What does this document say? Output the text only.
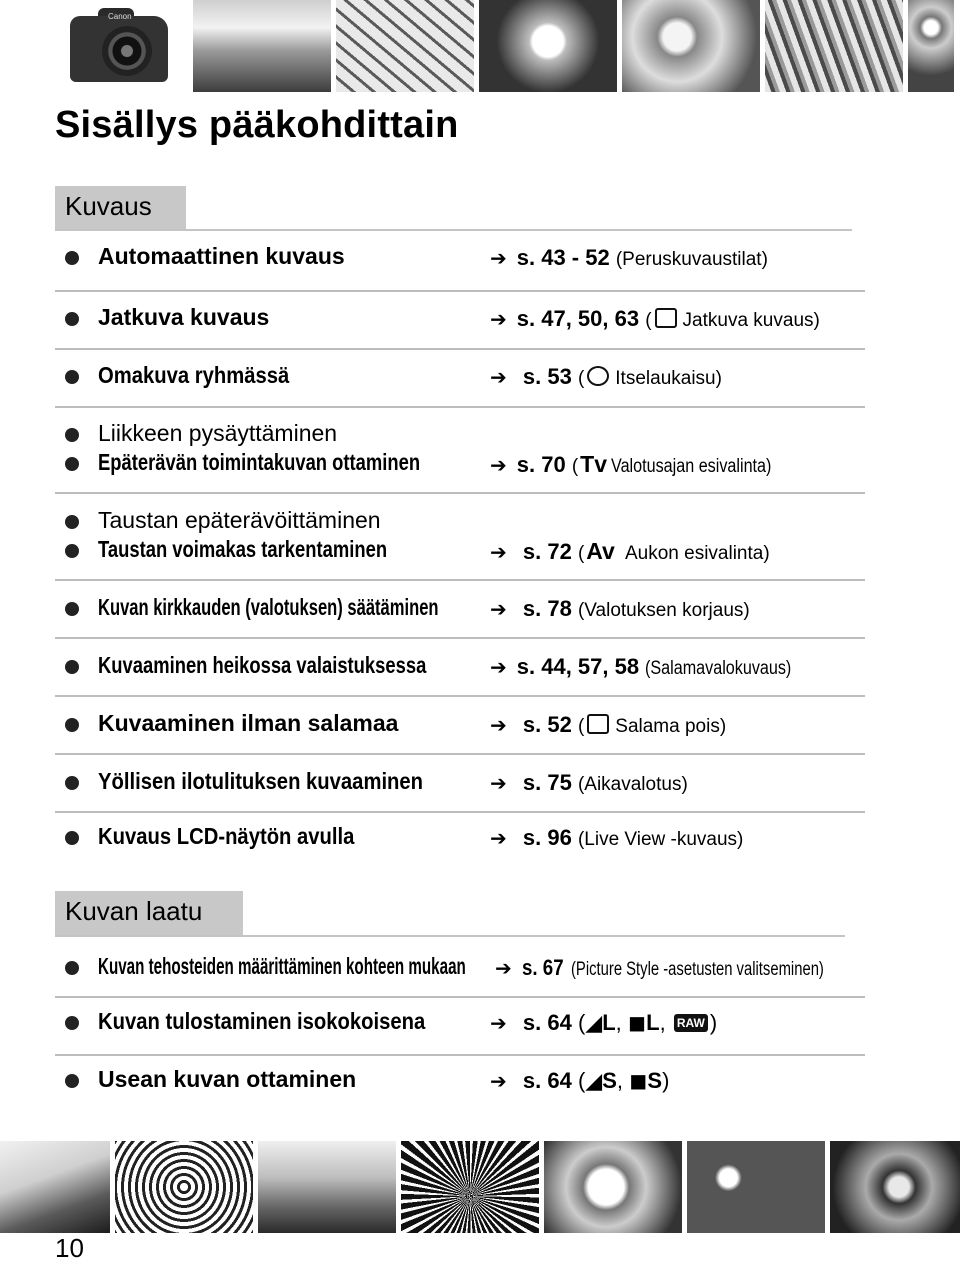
Canon
Sisällys pääkohdittain
Kuvaus
Automaattinen kuvaus	➔ s. 43 - 52 (Peruskuvaustilat)
Jatkuva kuvaus	➔ s. 47, 50, 63 ( Jatkuva kuvaus)
Omakuva ryhmässä	➔ s. 53 ( Itselaukaisu)
Liikkeen pysäyttäminen
Epäterävän toimintakuvan ottaminen	➔ s. 70 (Tv Valotusajan esivalinta)
Taustan epäterävöittäminen
Taustan voimakas tarkentaminen	➔ s. 72 (Av Aukon esivalinta)
Kuvan kirkkauden (valotuksen) säätäminen	➔ s. 78 (Valotuksen korjaus)
Kuvaaminen heikossa valaistuksessa	➔ s. 44, 57, 58 (Salamavalokuvaus)
Kuvaaminen ilman salamaa	➔ s. 52 ( Salama pois)
Yöllisen ilotulituksen kuvaaminen	➔ s. 75 (Aikavalotus)
Kuvaus LCD-näytön avulla	➔ s. 96 (Live View -kuvaus)
Kuvan laatu
Kuvan tehosteiden määrittäminen kohteen mukaan ➔ s. 67 (Picture Style -asetusten valitseminen)
Kuvan tulostaminen isokokoisena	➔ s. 64 (◢L, ◼L, RAW )
Usean kuvan ottaminen	➔ s. 64 (◢S, ◼S)
10
